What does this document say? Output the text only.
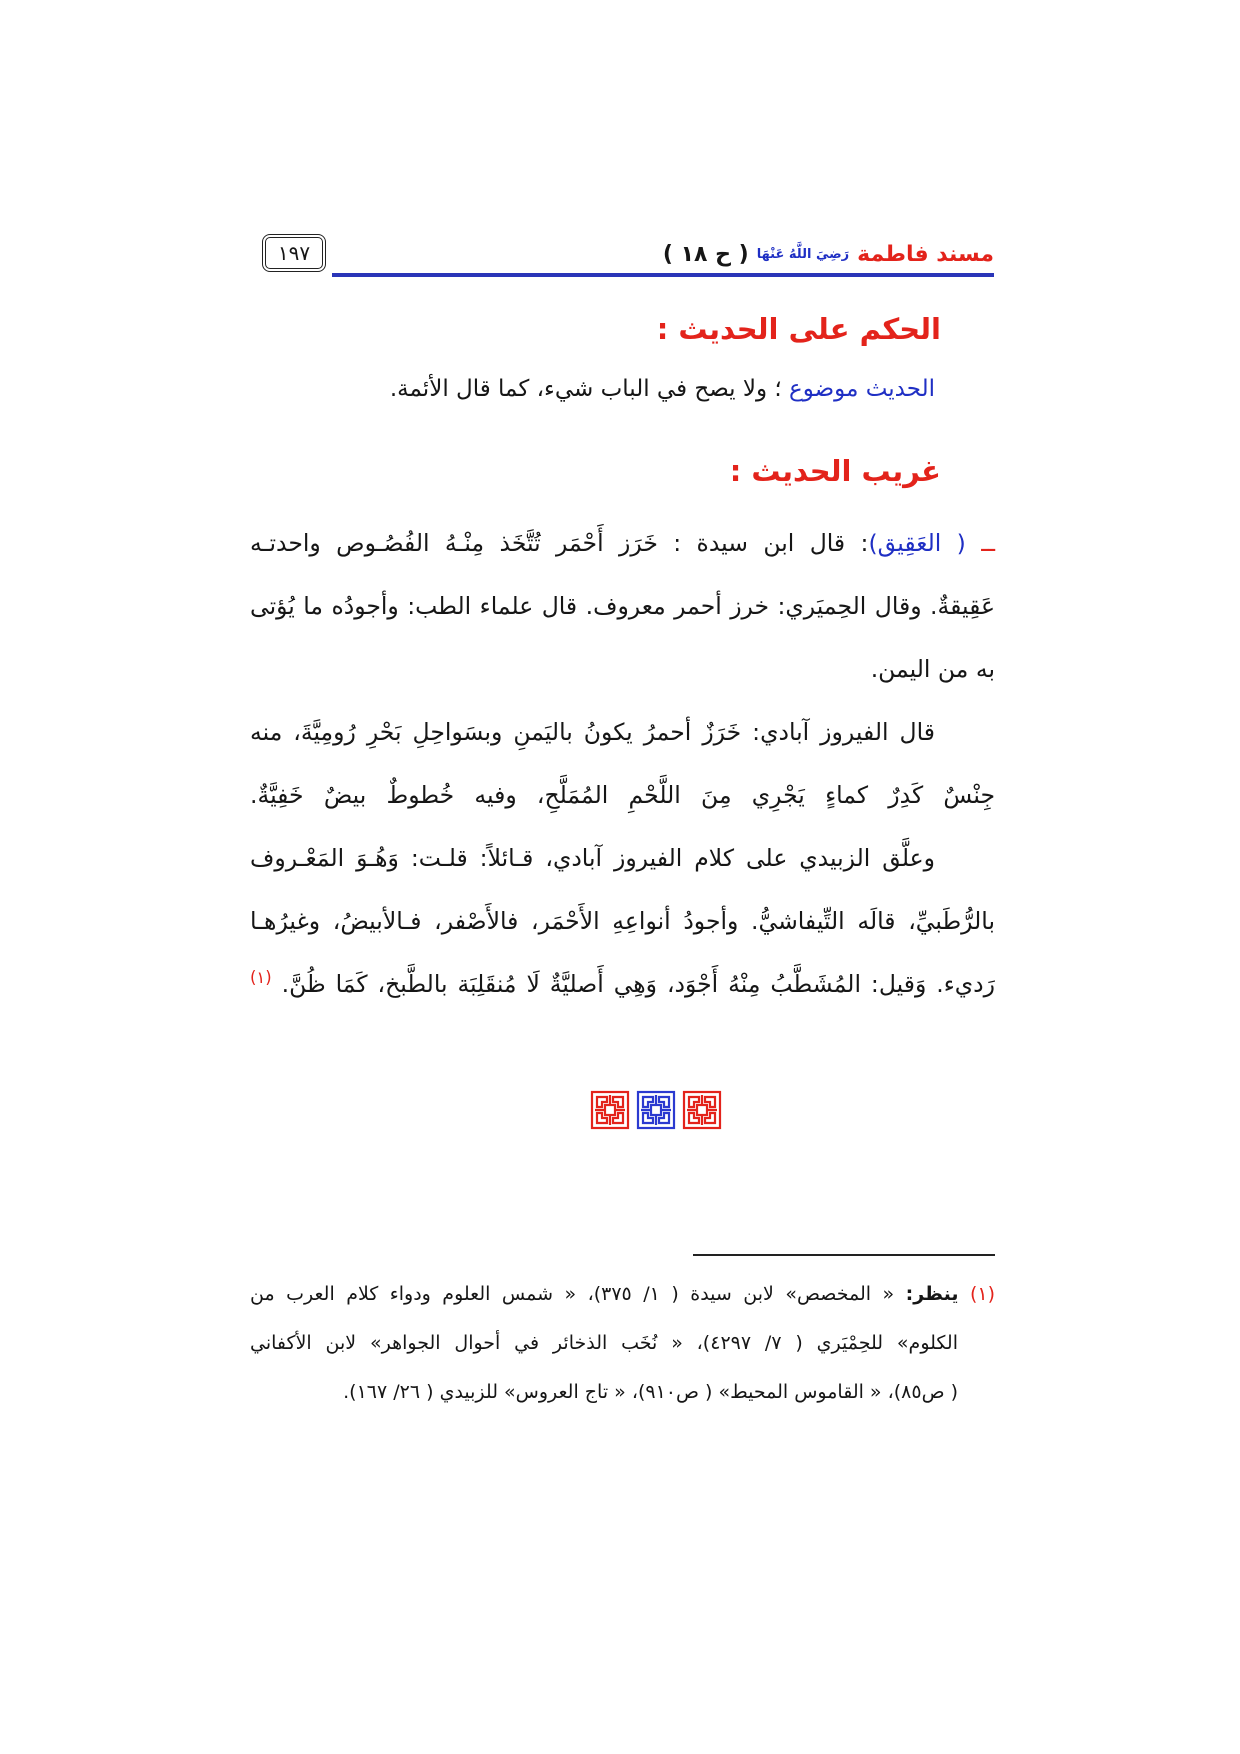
١٩٧	مسند فاطمة
رَضِيَ اللَّهُ عَنْهَا
( ح ١٨ )
الحكم على الحديث :
الحديث موضوع ؛ ولا يصح في الباب شيء، كما قال الأئمة.
غريب الحديث :
ــ ( العَقِيق): قال ابن سيدة : خَرَز أَحْمَر تُتَّخَذ مِنْـهُ الفُصُـوص واحدتـه
عَقِيقةٌ. وقال الحِميَري: خرز أحمر معروف. قال علماء الطب: وأجودُه ما يُؤتى
به من اليمن.
قال الفيروز آبادي: خَرَزٌ أحمرُ يكونُ باليَمنِ وبسَواحِلِ بَحْرِ رُومِيَّةَ، منه
جِنْسٌ كَدِرٌ كماءٍ يَجْرِي مِنَ اللَّحْمِ المُمَلَّحِ، وفيه خُطوطٌ بيضٌ خَفِيَّةٌ.
وعلَّق الزبيدي على كلام الفيروز آبادي، قـائلاً: قلـت: وَهُـوَ المَعْـروف
بالرُّطَبيِّ، قالَه التِّيفاشيُّ. وأجودُ أنواعِهِ الأَحْمَر، فالأَصْفر، فـالأبيضُ، وغيرُهـا
رَديء. وَقيل: المُشَطَّبُ مِنْهُ أَجْوَد، وَهِي أَصليَّةٌ لَا مُنقَلِبَة بالطَّبخ، كَمَا ظُنَّ. $^{(١)}$
(١) ينظر: « المخصص» لابن سيدة ( ١/ ٣٧٥)، « شمس العلوم ودواء كلام العرب من
الكلوم» للحِمْيَري ( ٧/ ٤٢٩٧)، « نُخَب الذخائر في أحوال الجواهر» لابن الأكفاني
( ص٨٥)، « القاموس المحيط» ( ص٩١٠)، « تاج العروس» للزبيدي ( ٢٦/ ١٦٧).
